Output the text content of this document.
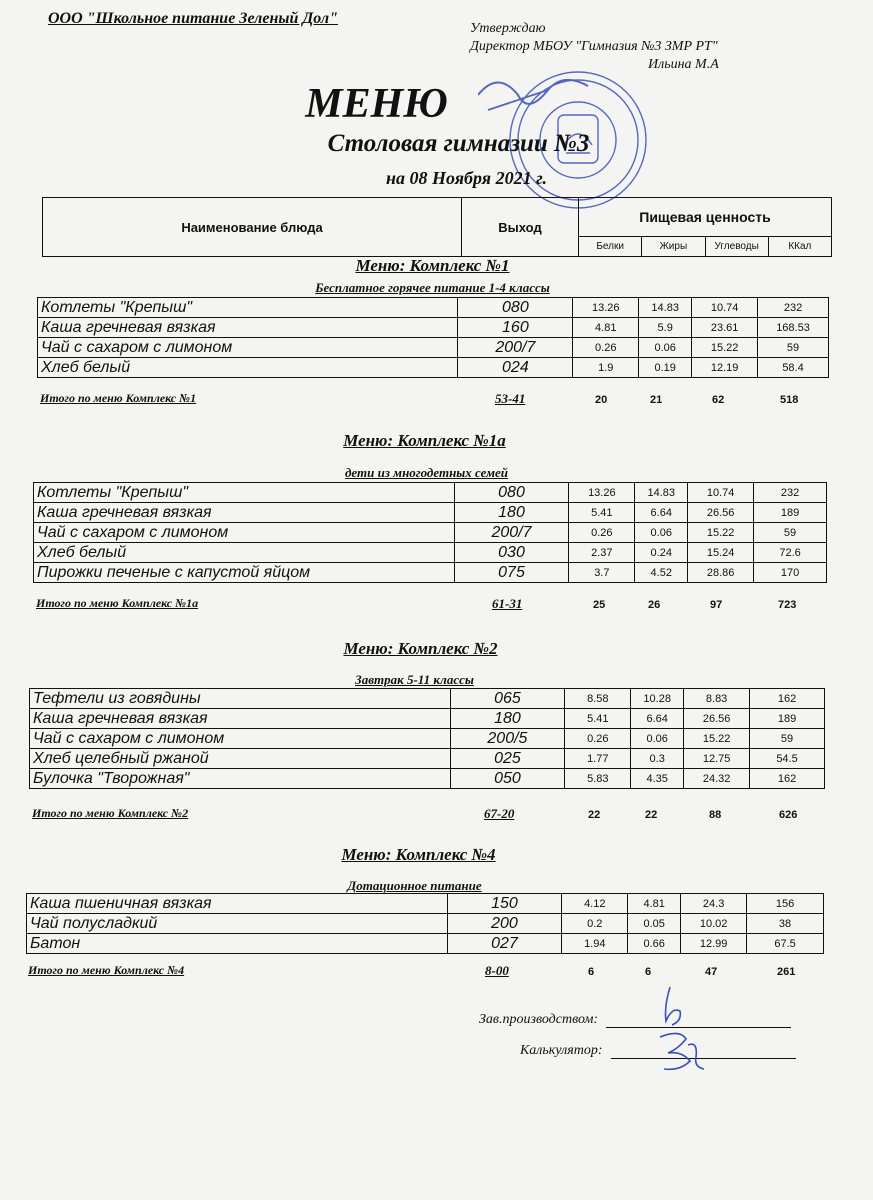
ООО "Школьное питание Зеленый Дол"
Утверждаю
Директор МБОУ "Гимназия №3 ЗМР РТ"
Ильина М.А
МЕНЮ
Столовая гимназии №3
на 08 Ноября 2021 г.
Наименование блюда	Выход
Пищевая ценность
Белки	Жиры	Углеводы	ККал
Меню: Комплекс №1
Бесплатное горячее питание 1-4 классы
Котлеты "Крепыш"	080	13.26	14.83	10.74	232
Каша гречневая вязкая	160	4.81	5.9	23.61	168.53
Чай с сахаром с лимоном	200/7	0.26	0.06	15.22	59
Хлеб белый	024	1.9	0.19	12.19	58.4
Итого по меню Комплекс №1	53-41	20	21	62	518
Меню: Комплекс №1а
дети из многодетных семей
Котлеты "Крепыш"	080	13.26	14.83	10.74	232
Каша гречневая вязкая	180	5.41	6.64	26.56	189
Чай с сахаром с лимоном	200/7	0.26	0.06	15.22	59
Хлеб белый	030	2.37	0.24	15.24	72.6
Пирожки печеные с капустой яйцом	075	3.7	4.52	28.86	170
Итого по меню Комплекс №1а	61-31	25	26	97	723
Меню: Комплекс №2
Завтрак 5-11 классы
Тефтели из говядины	065	8.58	10.28	8.83	162
Каша гречневая вязкая	180	5.41	6.64	26.56	189
Чай с сахаром с лимоном	200/5	0.26	0.06	15.22	59
Хлеб целебный ржаной	025	1.77	0.3	12.75	54.5
Булочка "Творожная"	050	5.83	4.35	24.32	162
Итого по меню Комплекс №2	67-20	22	22	88	626
Меню: Комплекс №4
Дотационное питание
Каша пшеничная вязкая	150	4.12	4.81	24.3	156
Чай полусладкий	200	0.2	0.05	10.02	38
Батон	027	1.94	0.66	12.99	67.5
Итого по меню Комплекс №4	8-00	6	6	47	261
Зав.производством:
Калькулятор:
